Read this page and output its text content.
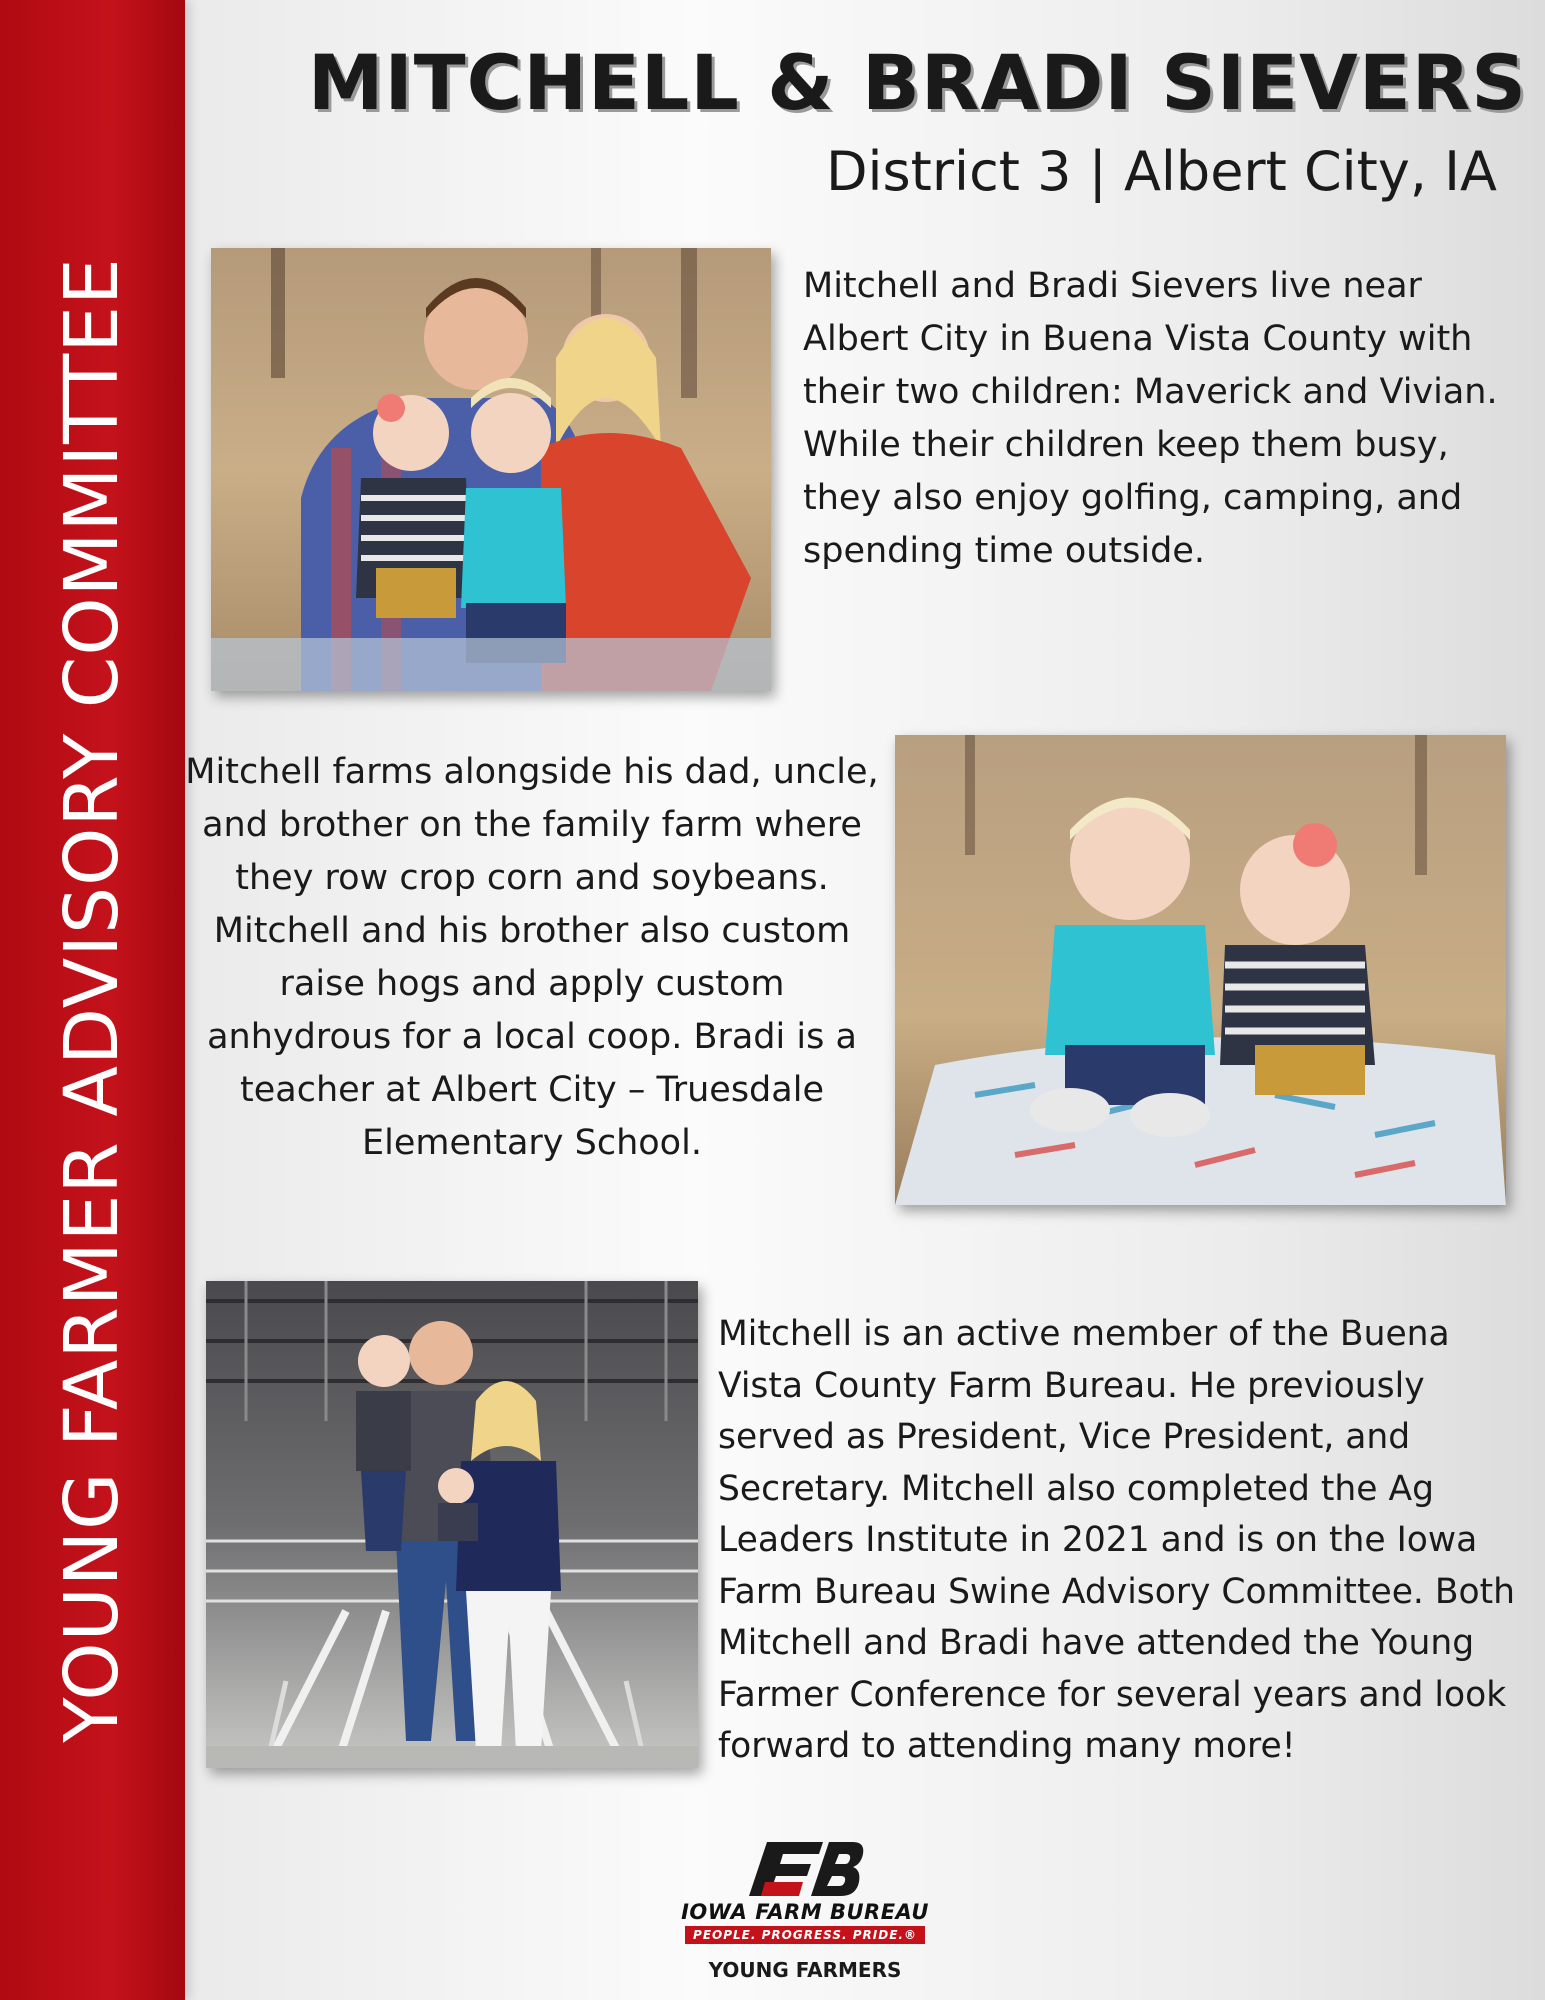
YOUNG FARMER ADVISORY COMMITTEE
MITCHELL & BRADI SIEVERS
District 3 | Albert City, IA

Mitchell and Bradi Sievers live near Albert City in Buena Vista County with their two children: Maverick and Vivian. While their children keep them busy, they also enjoy golfing, camping, and spending time outside.

Mitchell farms alongside his dad, uncle, and brother on the family farm where they row crop corn and soybeans. Mitchell and his brother also custom raise hogs and apply custom anhydrous for a local coop. Bradi is a teacher at Albert City – Truesdale Elementary School.

Mitchell is an active member of the Buena Vista County Farm Bureau. He previously served as President, Vice President, and Secretary. Mitchell also completed the Ag Leaders Institute in 2021 and is on the Iowa Farm Bureau Swine Advisory Committee. Both Mitchell and Bradi have attended the Young Farmer Conference for several years and look forward to attending many more!

IOWA FARM BUREAU
PEOPLE. PROGRESS. PRIDE.®
YOUNG FARMERS
